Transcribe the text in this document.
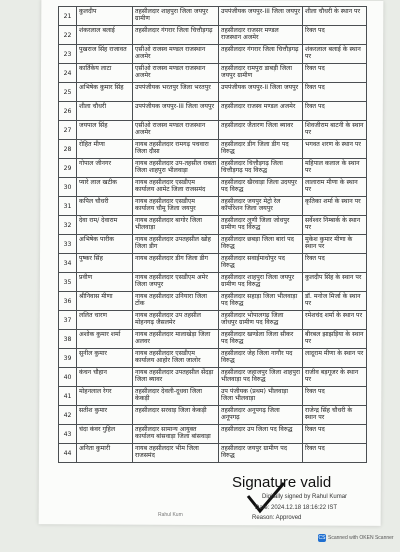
21	कुलदीप	तहसीलदार शाहपुरा जिला जयपुर ग्रामीण	उपपंजीयक जयपुर-III जिला जयपुर	शीला चौधरी के स्थान पर
22	शंकरलाल बलाई	तहसीलदार गंगरार जिला चित्तौड़गढ़	तहसीलदार राजसर मण्डल राजस्थान अजमेर	रिक्त पद
23	पुखराज सिंह राजावत	एसीओ राजस्व मण्डल राजस्थान अजमेर	तहसीलदार गंगरार जिला चित्तौड़गढ़	शंकरलाल बलाई के स्थान पर
24	कार्तिकेय लाटा	एसीओ राजस्व मण्डल राजस्थान अजमेर	तहसीलदार रामपुरा डाबड़ी जिला जयपुर ग्रामीण	रिक्त पद
25	अभिषेक कुमार सिंह	उपपंजीयक भरतपुर जिला भरतपुर	उपपंजीयक जयपुर-II जिला जयपुर	रिक्त पद
26	शीला चौधरी	उपपंजीयक जयपुर-III जिला जयपुर	तहसीलदार राजस्व मण्डल अजमेर	रिक्त पद
27	जयपाल सिंह	एसीओ राजस्व मण्डल राजस्थान अजमेर	तहसीलदार जैतारण जिला ब्यावर	शिवजीराम बाटनी के स्थान पर
28	रोहित मीणा	नायब तहसीलदार रामगढ़ पचवारा जिला दौसा	तहसीलदार डीग जिला डीग पद विरुद्ध	भगवत शरण के स्थान पर
29	गोपाल जीनगर	नायब तहसीलदार उप-तहसील राबता जिला शाहपुरा भीलवाड़ा	तहसीलदार चित्तौड़गढ़ जिला चित्तौड़गढ़ पद विरुद्ध	महिपाल कलाल के स्थान पर
30	प्यारे लाल खटीक	नायब तहसीलदार एसडीएम कार्यालय आमेट जिला राजसमंद	तहसीलदार खैरवाड़ा जिला उदयपुर पद विरुद्ध	लालाराम मीणा के स्थान पर
31	कपिल चौधरी	नायब तहसीलदार एसडीएम कार्यालय चौमू जिला जयपुर	तहसीलदार जयपुर मेट्रो रेल कॉर्पोरेशन जिला जयपुर	कृतिका शर्मा के स्थान पर
32	देवा राम/ देवाराम	नायब तहसीलदार बागोर जिला भीलवाड़ा	तहसीलदार लूणी जिला जोधपुर ग्रामीण पद विरुद्ध	सर्वेश्वर निम्बार्क के स्थान पर
33	अभिषेक पारीक	नायब तहसीलदार उपतहसील खोह जिला डीग	तहसीलदार छबड़ा जिला बारां पद विरुद्ध	मुकेश कुमार मीणा के स्थान पर
34	पुष्कर सिंह	नायब तहसीलदार डीग जिला डीग	तहसीलदार सवाईमाधोपुर पद विरुद्ध	रिक्त पद
35	प्रवीण	नायब तहसीलदार एसडीएम अमेर जिला जयपुर	तहसीलदार शाहपुरा जिला जयपुर ग्रामीण पद विरुद्ध	कुलदीप सिंह के स्थान पर
36	श्रीनिवास मीणा	नायब तहसीलदार उनियारा जिला टोंक	तहसीलदार सहाड़ा जिला भीलवाड़ा पद विरुद्ध	डॉ. मनोज मिर्जा के स्थान पर
37	ललित चारण	नायब तहसीलदार उप तहसील मोहनगढ़ जैसलमेर	तहसीलदार भोपालगढ़ जिला जोधपुर ग्रामीण पद विरुद्ध	रमेशचंद शर्मा के स्थान पर
38	अशोक कुमार शर्मा	नायब तहसीलदार मालाखेड़ा जिला अलवर	तहसीलदार खण्डेला जिला सीकर पद विरुद्ध	बीरबल झाझड़िया के स्थान पर
39	सुनील कुमार	नायब तहसीलदार एसडीएम कार्यालय आहोर जिला जालोर	तहसीलदार जेह जिला नागौर पद विरुद्ध	लादूराम मीणा के स्थान पर
40	कंचन चौहान	नायब तहसीलदार उपतहसील सेंदड़ा जिला ब्यावर	तहसीलदार जहाजपुर जिला शाहपुरा भीलवाड़ा पद विरुद्ध	राजीव बड़गूजर के स्थान पर
41	मोहनलाल रेगर	तहसीलदार देवली-दूधवा जिला केकड़ी	उप पंजीयक (प्रथम) भीलवाड़ा जिला भीलवाड़ा	रिक्त पद
42	सतीश कुमार	तहसीलदार सरवाड़ जिला केकड़ी	तहसीलदार अनूपगढ़ जिला अनूपगढ़	राजेन्द्र सिंह चौधरी के स्थान पर
43	चंदा कंवर गुहिल	तहसीलदार सामान्य आयुक्त कार्यालय बांसवाड़ा जिला बांसवाड़ा	तहसीलदार उप जिला पद विरुद्ध	रिक्त पद
44	अनिता कुमारी	नायब तहसीलदार भीम जिला राजसमंद	तहसीलदार जयपुर ग्रामीण पद विरुद्ध	रिक्त पद
Signature valid
Digitally signed by Rahul Kumar
Date: 2024.12.18 18:16:22 IST
Reason: Approved
Rahul Kum
CS Scanned with OKEN Scanner
